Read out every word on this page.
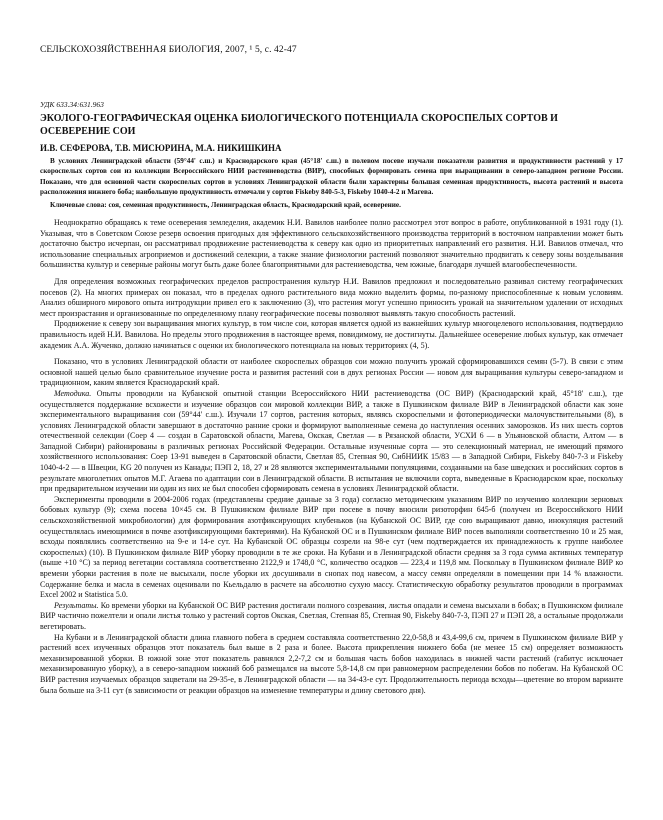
СЕЛЬСКОХОЗЯЙСТВЕННАЯ БИОЛОГИЯ, 2007, ¹ 5, с. 42-47
УДК 633.34:631.963
ЭКОЛОГО-ГЕОГРАФИЧЕСКАЯ ОЦЕНКА БИОЛОГИЧЕСКОГО ПОТЕНЦИАЛА СКОРОСПЕЛЫХ СОРТОВ И ОСЕВЕРЕНИЕ СОИ
И.В. СЕФЕРОВА, Т.В. МИСЮРИНА, М.А. НИКИШКИНА

В условиях Ленинградской области (59°44' с.ш.) и Краснодарского края (45°18' с.ш.) в полевом посеве изучали показатели развития и продуктивности растений у 17 скороспелых сортов сои из коллекции Всероссийского НИИ растениеводства (ВИР), способных формировать семена при выращивании в северо-западном регионе России. Показано, что для основной части скороспелых сортов в условиях Ленинградской области были характерны большая семенная продуктивность, высота растений и высота расположения нижнего боба; наибольшую продуктивность отмечали у сортов Fiskeby 840-5-3, Fiskeby 1040-4-2 и Магева.

Ключевые слова: соя, семенная продуктивность, Ленинградская область, Краснодарский край, осеверение.

Неоднократно обращаясь к теме осеверения земледелия, академик Н.И. Вавилов наиболее полно рассмотрел этот вопрос в работе, опубликованной в 1931 году (1). Указывая, что в Советском Союзе резерв освоения пригодных для эффективного сельскохозяйственного производства территорий в восточном направлении может быть достаточно быстро исчерпан, он рассматривал продвижение растениеводства к северу как одно из приоритетных направлений его развития. Н.И. Вавилов отмечал, что использование специальных агроприемов и достижений селекции, а также знание физиологии растений позволяют значительно продвигать к северу зоны возделывания большинства культур и северные районы могут быть даже более благоприятными для растениеводства, чем южные, благодаря лучшей влагообеспеченности.

Для определения возможных географических пределов распространения культур Н.И. Вавилов предложил и последовательно развивал систему географических посевов (2). На многих примерах он показал, что в пределах одного растительного вида можно выделить формы, по-разному приспособленные к новым условиям. Анализ обширного мирового опыта интродукции привел его к заключению (3), что растения могут успешно приносить урожай на значительном удалении от исходных мест произрастания и организованные по определенному плану географические посевы позволяют выявлять такую способность растений.

Продвижение к северу зон выращивания многих культур, в том числе сои, которая является одной из важнейших культур многоцелевого использования, подтвердило правильность идей Н.И. Вавилова. Но пределы этого продвижения в настоящее время, повидимому, не достигнуты. Дальнейшее осеверение любых культур, как отмечает академик А.А. Жученко, должно начинаться с оценки их биологического потенциала на новых территориях (4, 5).

Показано, что в условиях Ленинградской области от наиболее скороспелых образцов сои можно получить урожай сформировавшихся семян (5-7). В связи с этим основной нашей целью было сравнительное изучение роста и развития растений сои в двух регионах России — новом для выращивания культуры северо-западном и традиционном, каким является Краснодарский край.

Методика. Опыты проводили на Кубанской опытной станции Всероссийского НИИ растениеводства (ОС ВИР) (Краснодарский край, 45°18' с.ш.), где осуществляется поддержание всхожести и изучение образцов сои мировой коллекции ВИР, а также в Пушкинском филиале ВИР в Ленинградской области как зоне экспериментального выращивания сои (59°44' с.ш.). Изучали 17 сортов, растения которых, являясь скороспелыми и фотопериодически малочувствительными (8), в условиях Ленинградской области завершают в достаточно ранние сроки и формируют выполненные семена до наступления осенних заморозков. Из них шесть сортов отечественной селекции (Соер 4 — создан в Саратовской области, Магева, Окская, Светлая — в Рязанской области, УСХИ 6 — в Ульяновской области, Алтом — в Западной Сибири) районированы в различных регионах Российской Федерации. Остальные изученные сорта — это селекционный материал, не имеющий прямого хозяйственного использования: Соер 13-91 выведен в Саратовской области, Светлая 85, Степная 90, СибНИИК 15/83 — в Западной Сибири, Fiskeby 840-7-3 и Fiskeby 1040-4-2 — в Швеции, KG 20 получен из Канады; ПЭП 2, 18, 27 и 28 являются экспериментальными популяциями, созданными на базе шведских и российских сортов в результате многолетних опытов М.Г. Агаева по адаптации сои в Ленинградской области. В испытания не включили сорта, выведенные в Краснодарском крае, поскольку при предварительном изучении ни один из них не был способен сформировать семена в условиях Ленинградской области.

Эксперименты проводили в 2004-2006 годах (представлены средние данные за 3 года) согласно методическим указаниям ВИР по изучению коллекции зерновых бобовых культур (9); схема посева 10×45 см. В Пушкинском филиале ВИР при посеве в почву вносили ризоторфин 645-б (получен из Всероссийского НИИ сельскохозяйственной микробиологии) для формирования азотфиксирующих клубеньков (на Кубанской ОС ВИР, где сою выращивают давно, инокуляция растений осуществлялась имеющимися в почве азотфиксирующими бактериями). На Кубанской ОС и в Пушкинском филиале ВИР посев выполняли соответственно 10 и 25 мая, всходы появлялись соответственно на 9-е и 14-е сут. На Кубанской ОС образцы созрели на 98-е сут (чем подтверждается их принадлежность к группе наиболее скороспелых) (10). В Пушкинском филиале ВИР уборку проводили в те же сроки. На Кубани и в Ленинградской области средняя за 3 года сумма активных температур (выше +10 °С) за период вегетации составляла соответственно 2122,9 и 1748,0 °С, количество осадков — 223,4 и 119,8 мм. Поскольку в Пушкинском филиале ВИР ко времени уборки растения в поле не высыхали, после уборки их досушивали в снопах под навесом, а массу семян определяли в помещении при 14 % влажности. Содержание белка и масла в семенах оценивали по Кьельдалю в расчете на абсолютно сухую массу. Статистическую обработку результатов проводили в программах Excel 2002 и Statistica 5.0.

Результаты. Ко времени уборки на Кубанской ОС ВИР растения достигали полного созревания, листья опадали и семена высыхали в бобах; в Пушкинском филиале ВИР частично пожелтели и опали листья только у растений сортов Окская, Светлая, Степная 85, Степная 90, Fiskeby 840-7-3, ПЭП 27 и ПЭП 28, а остальные продолжали вегетировать.

На Кубани и в Ленинградской области длина главного побега в среднем составляла соответственно 22,0-58,8 и 43,4-99,6 см, причем в Пушкинском филиале ВИР у растений всех изученных образцов этот показатель был выше в 2 раза и более. Высота прикрепления нижнего боба (не менее 15 см) определяет возможность механизированной уборки. В южной зоне этот показатель равнялся 2,2-7,2 см и большая часть бобов находилась в нижней части растений (габитус исключает механизированную уборку), а в северо-западном нижний боб размещался на высоте 5,8-14,8 см при равномерном распределении бобов по побегам. На Кубанской ОС ВИР растения изучаемых образцов зацветали на 29-35-е, в Ленинградской области — на 34-43-е сут. Продолжительность периода всходы—цветение во втором варианте была больше на 3-11 сут (в зависимости от реакции образцов на изменение температуры и длину светового дня).
